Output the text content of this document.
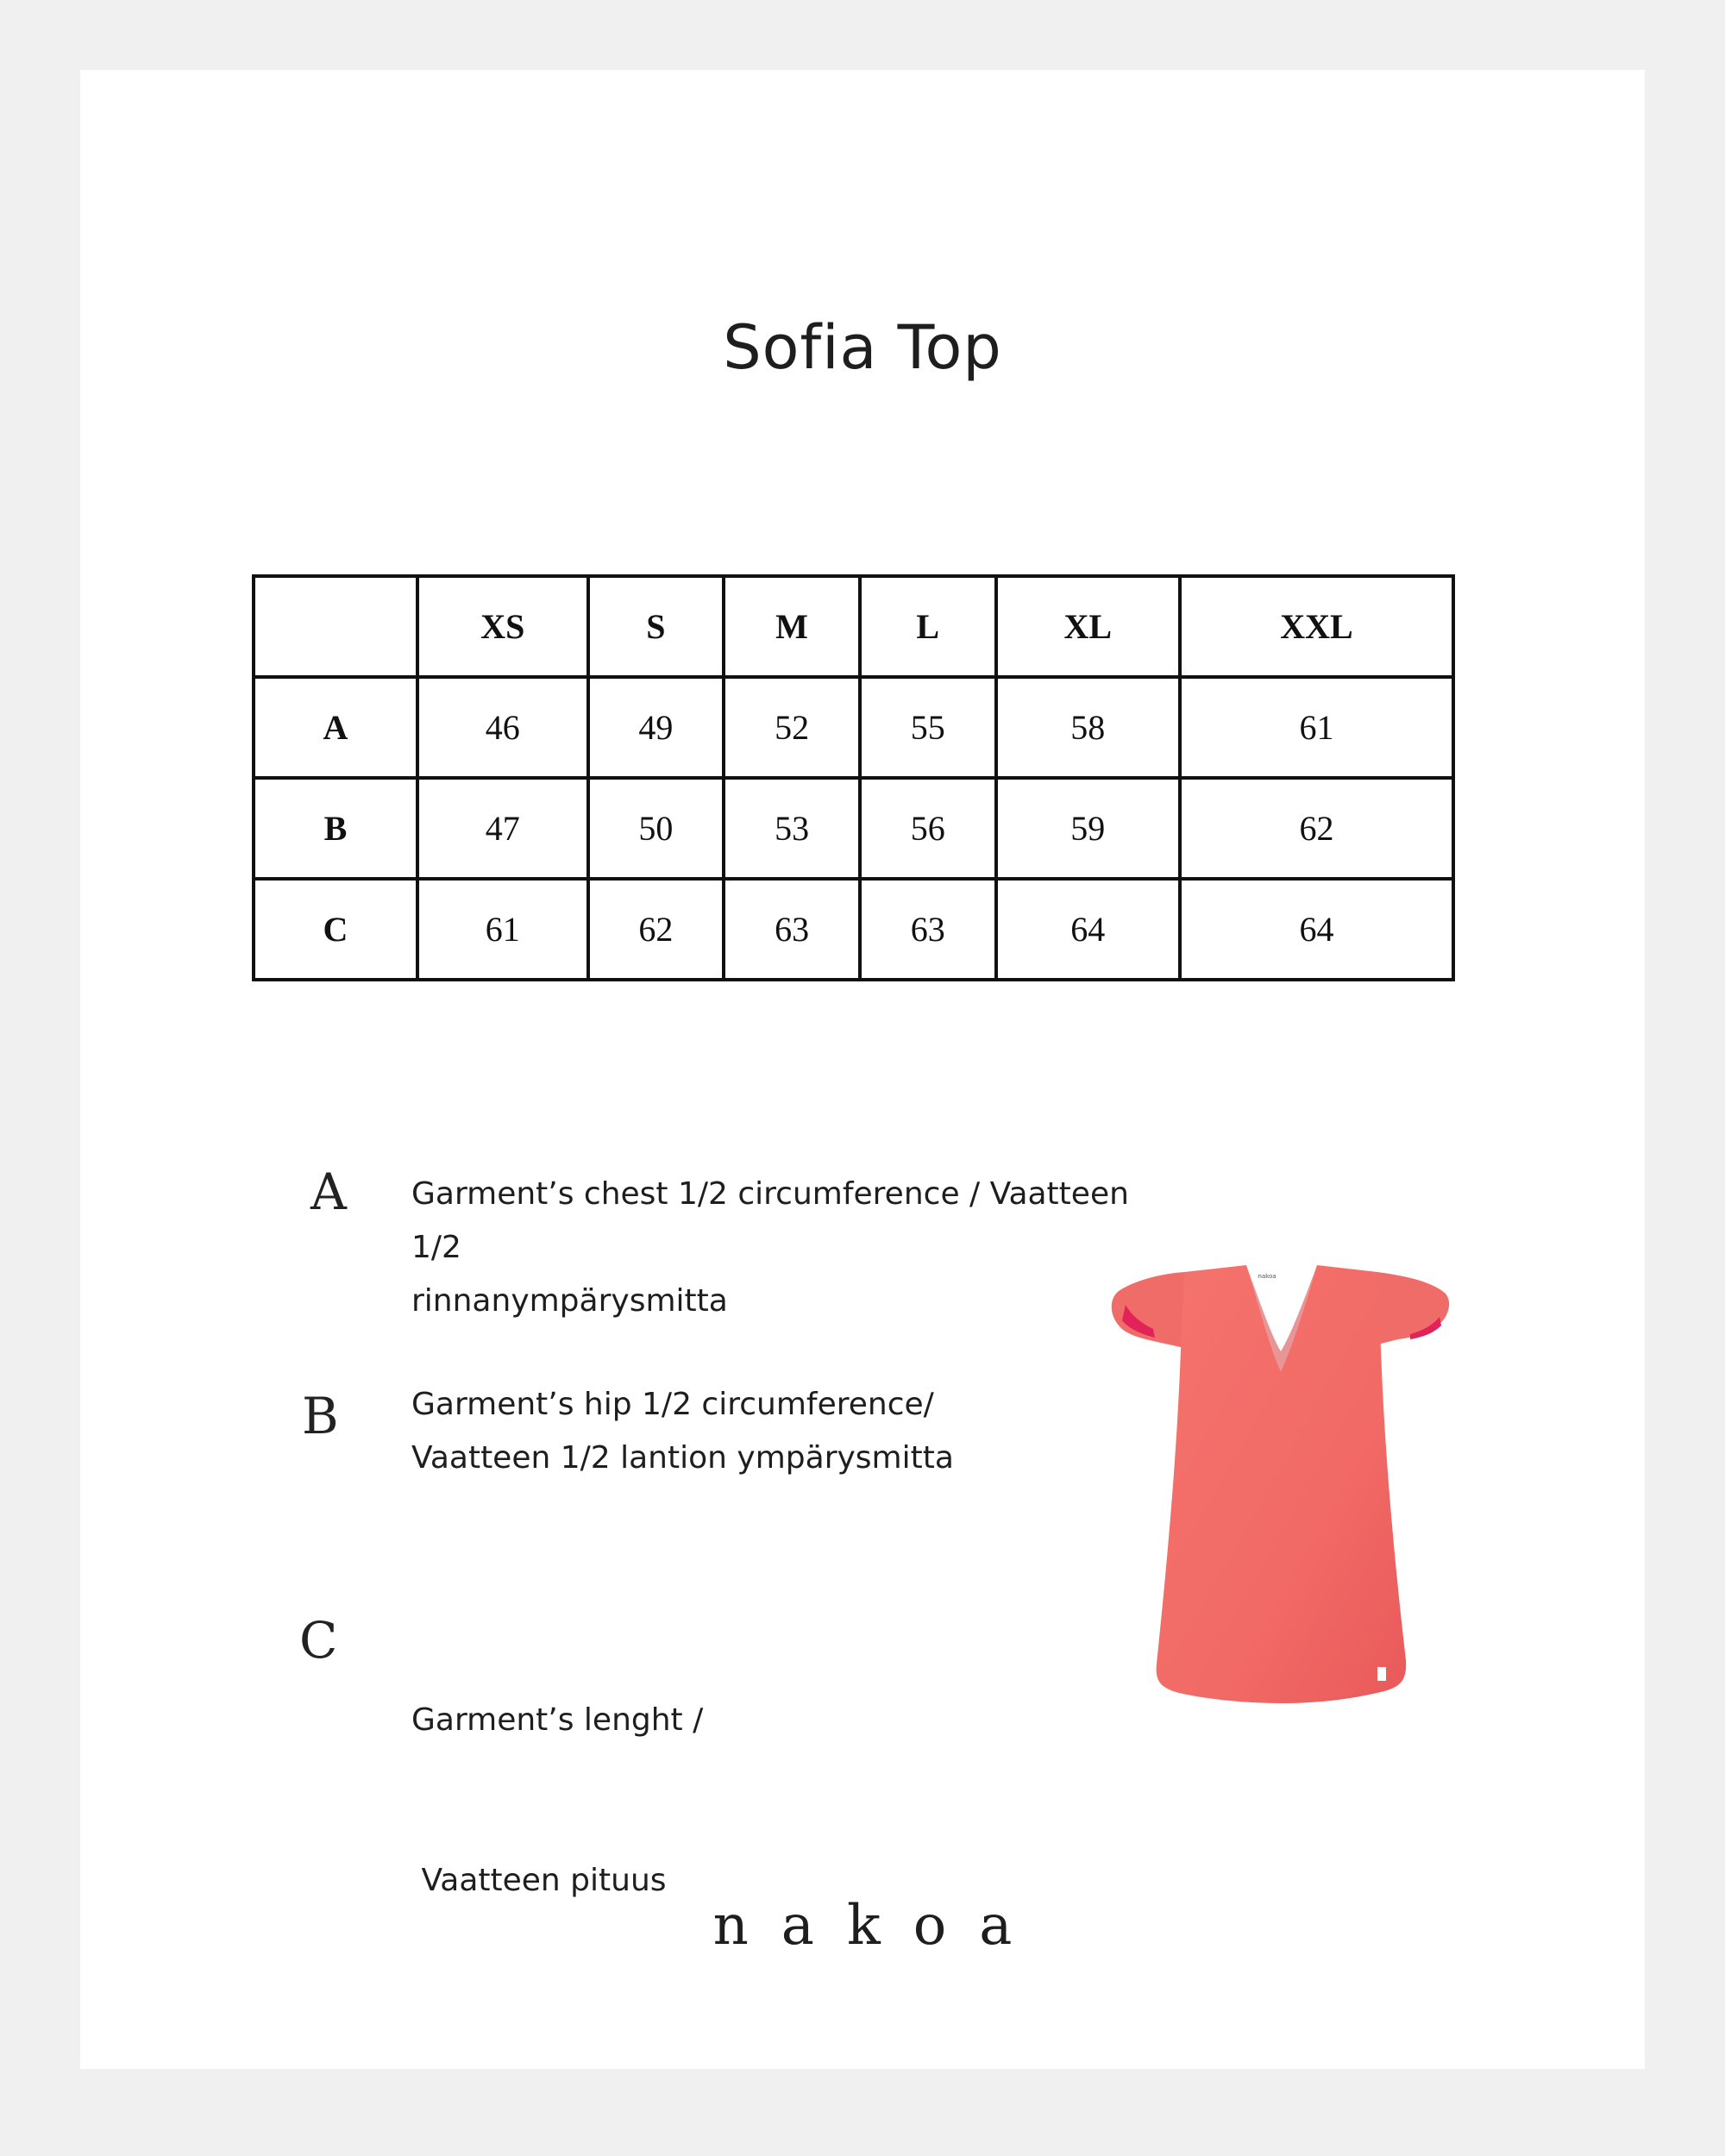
Sofia Top
	XS	S	M	L	XL	XXL
A	46	49	52	55	58	61
B	47	50	53	56	59	62
C	61	62	63	63	64	64
A	Garment’s chest 1/2 circumference / Vaatteen 1/2
rinnanympärysmitta
B	Garment’s hip 1/2 circumference/
Vaatteen 1/2 lantion ympärysmitta
C

Garment’s lenght /

Vaatteen pituus

nakoa
nakoa
